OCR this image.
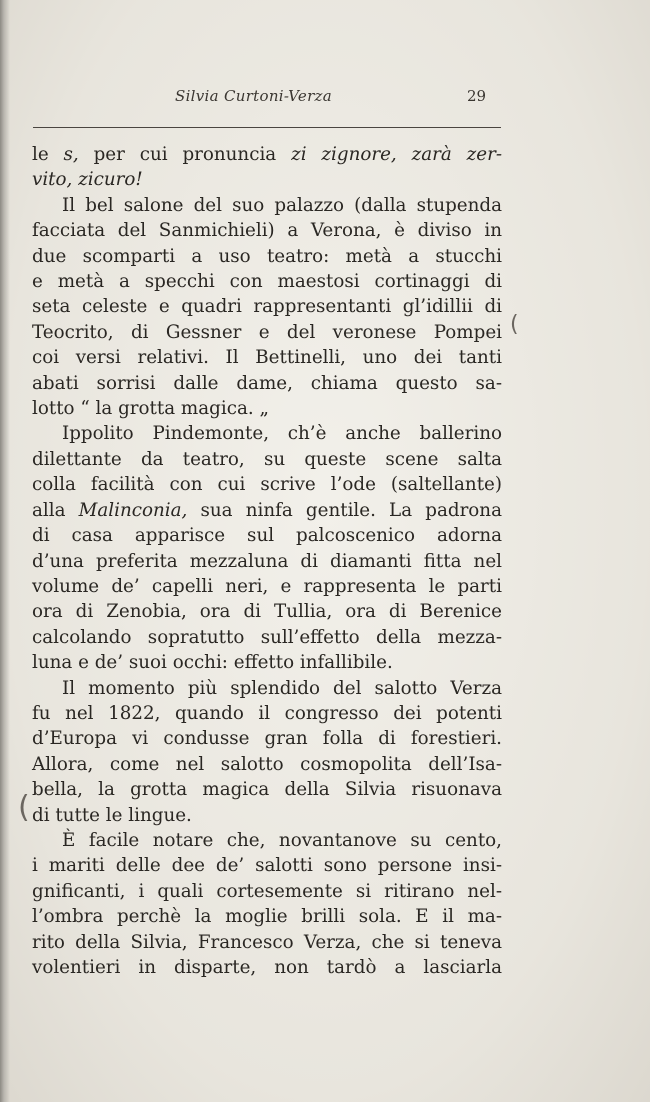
Silvia Curtoni-Verza	29
le s, per cui pronuncia zi zignore, zarà zer-
vito, zicuro!
Il bel salone del suo palazzo (dalla stupenda
facciata del Sanmichieli) a Verona, è diviso in
due scomparti a uso teatro: metà a stucchi
e metà a specchi con maestosi cortinaggi di
seta celeste e quadri rappresentanti gl’idillii di
Teocrito, di Gessner e del veronese Pompei
coi versi relativi. Il Bettinelli, uno dei tanti
abati sorrisi dalle dame, chiama questo sa-
lotto “ la grotta magica. „
Ippolito Pindemonte, ch’è anche ballerino
dilettante da teatro, su queste scene salta
colla facilità con cui scrive l’ode (saltellante)
alla Malinconia, sua ninfa gentile. La padrona
di casa apparisce sul palcoscenico adorna
d’una preferita mezzaluna di diamanti fitta nel
volume de’ capelli neri, e rappresenta le parti
ora di Zenobia, ora di Tullia, ora di Berenice
calcolando sopratutto sull’effetto della mezza-
luna e de’ suoi occhi: effetto infallibile.
Il momento più splendido del salotto Verza
fu nel 1822, quando il congresso dei potenti
d’Europa vi condusse gran folla di forestieri.
Allora, come nel salotto cosmopolita dell’Isa-
bella, la grotta magica della Silvia risuonava
di tutte le lingue.
È facile notare che, novantanove su cento,
i mariti delle dee de’ salotti sono persone insi-
gnificanti, i quali cortesemente si ritirano nel-
l’ombra perchè la moglie brilli sola. E il ma-
rito della Silvia, Francesco Verza, che si teneva
volentieri in disparte, non tardò a lasciarla
(
(
